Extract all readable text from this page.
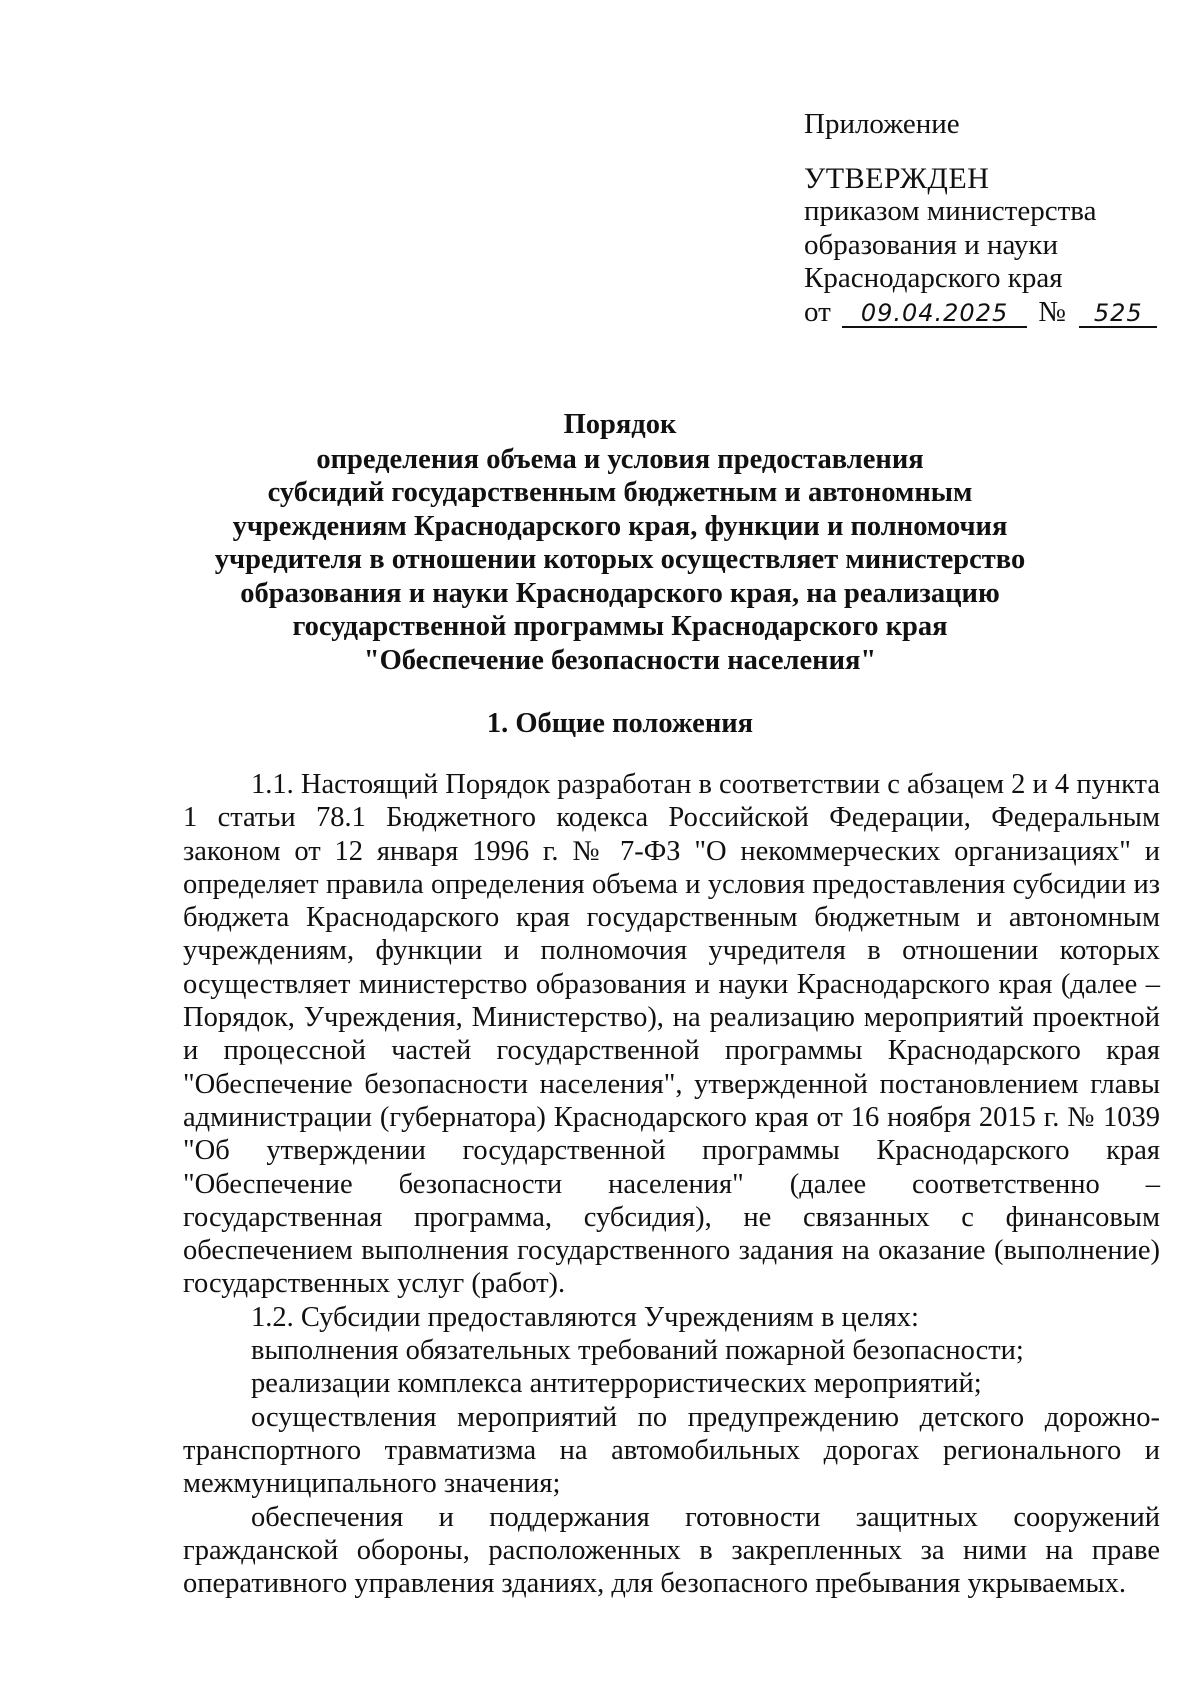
Приложение

УТВЕРЖДЕН

приказом министерства

образования и науки

Краснодарского края

от 09.04.2025 № 525

Порядок

определения объема и условия предоставления

субсидий государственным бюджетным и автономным

учреждениям Краснодарского края, функции и полномочия

учредителя в отношении которых осуществляет министерство

образования и науки Краснодарского края, на реализацию

государственной программы Краснодарского края

"Обеспечение безопасности населения"

1. Общие положения

1.1. Настоящий Порядок разработан в соответствии с абзацем 2 и 4 пункта 1 статьи 78.1 Бюджетного кодекса Российской Федерации, Федеральным законом от 12 января 1996 г. № 7-ФЗ "О некоммерческих организациях" и определяет правила определения объема и условия предоставления субсидии из бюджета Краснодарского края государственным бюджетным и автономным учреждениям, функции и полномочия учредителя в отношении которых осуществляет министерство образования и науки Краснодарского края (далее – Порядок, Учреждения, Министерство), на реализацию мероприятий проектной и процессной частей государственной программы Краснодарского края "Обеспечение безопасности населения", утвержденной постановлением главы администрации (губернатора) Краснодарского края от 16 ноября 2015 г. № 1039 "Об утверждении государственной программы Краснодарского края "Обеспечение безопасности населения" (далее соответственно – государственная программа, субсидия), не связанных с финансовым обеспечением выполнения государственного задания на оказание (выполнение) государственных услуг (работ).

1.2. Субсидии предоставляются Учреждениям в целях:

выполнения обязательных требований пожарной безопасности;

реализации комплекса антитеррористических мероприятий;

осуществления мероприятий по предупреждению детского дорожно-транспортного травматизма на автомобильных дорогах регионального и межмуниципального значения;

обеспечения и поддержания готовности защитных сооружений гражданской обороны, расположенных в закрепленных за ними на праве оперативного управления зданиях, для безопасного пребывания укрываемых.
